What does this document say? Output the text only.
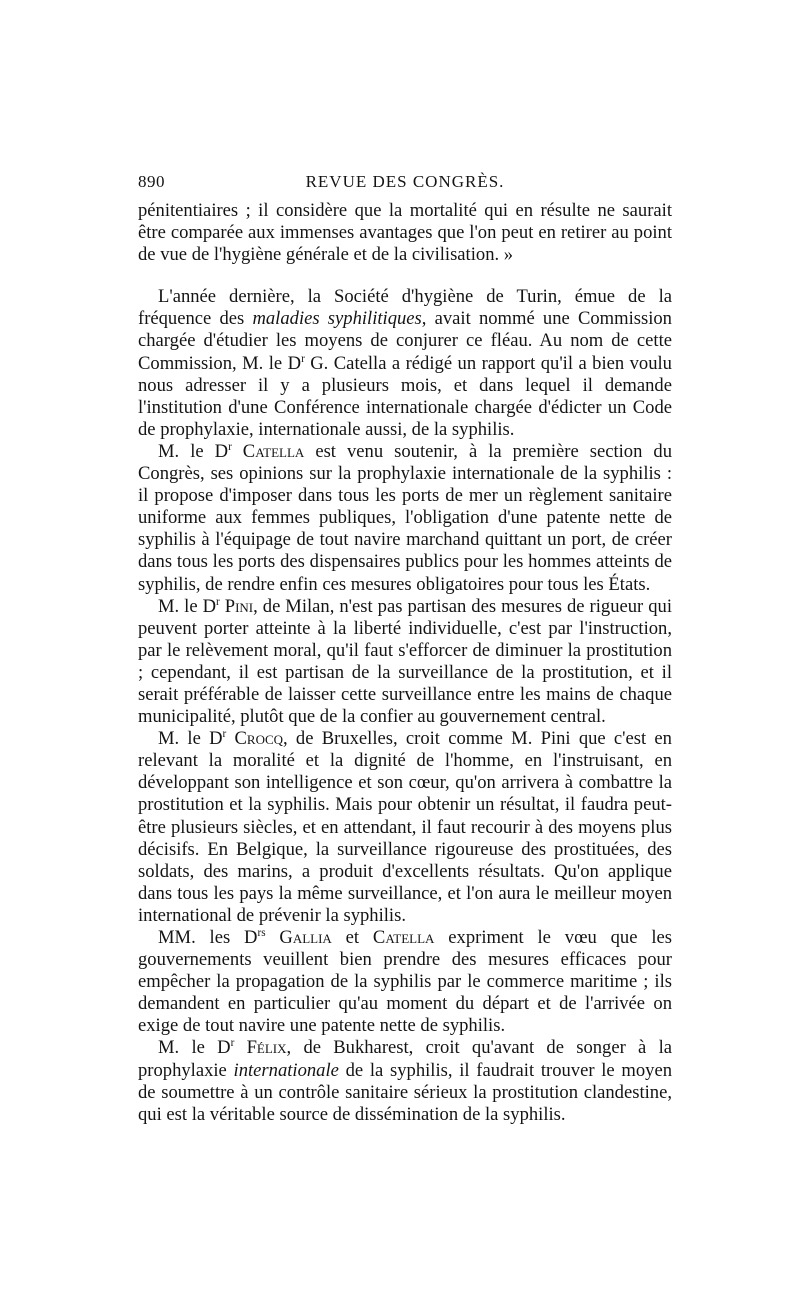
890	REVUE DES CONGRÈS.

pénitentiaires ; il considère que la mortalité qui en résulte ne saurait être comparée aux immenses avantages que l'on peut en retirer au point de vue de l'hygiène générale et de la civilisation. »

L'année dernière, la Société d'hygiène de Turin, émue de la fréquence des maladies syphilitiques, avait nommé une Commission chargée d'étudier les moyens de conjurer ce fléau. Au nom de cette Commission, M. le $D^r$ G. Catella a rédigé un rapport qu'il a bien voulu nous adresser il y a plusieurs mois, et dans lequel il demande l'institution d'une Conférence internationale chargée d'édicter un Code de prophylaxie, internationale aussi, de la syphilis.

M. le $D^r$ Catella est venu soutenir, à la première section du Congrès, ses opinions sur la prophylaxie internationale de la syphilis : il propose d'imposer dans tous les ports de mer un règlement sanitaire uniforme aux femmes publiques, l'obligation d'une patente nette de syphilis à l'équipage de tout navire marchand quittant un port, de créer dans tous les ports des dispensaires publics pour les hommes atteints de syphilis, de rendre enfin ces mesures obligatoires pour tous les États.

M. le $D^r$ Pini, de Milan, n'est pas partisan des mesures de rigueur qui peuvent porter atteinte à la liberté individuelle, c'est par l'instruction, par le relèvement moral, qu'il faut s'efforcer de diminuer la prostitution ; cependant, il est partisan de la surveillance de la prostitution, et il serait préférable de laisser cette surveillance entre les mains de chaque municipalité, plutôt que de la confier au gouvernement central.

M. le $D^r$ Crocq, de Bruxelles, croit comme M. Pini que c'est en relevant la moralité et la dignité de l'homme, en l'instruisant, en développant son intelligence et son cœur, qu'on arrivera à combattre la prostitution et la syphilis. Mais pour obtenir un résultat, il faudra peut-être plusieurs siècles, et en attendant, il faut recourir à des moyens plus décisifs. En Belgique, la surveillance rigoureuse des prostituées, des soldats, des marins, a produit d'excellents résultats. Qu'on applique dans tous les pays la même surveillance, et l'on aura le meilleur moyen international de prévenir la syphilis.

MM. les $D^{rs}$ Gallia et Catella expriment le vœu que les gouvernements veuillent bien prendre des mesures efficaces pour empêcher la propagation de la syphilis par le commerce maritime ; ils demandent en particulier qu'au moment du départ et de l'arrivée on exige de tout navire une patente nette de syphilis.

M. le $D^r$ Félix, de Bukharest, croit qu'avant de songer à la prophylaxie internationale de la syphilis, il faudrait trouver le moyen de soumettre à un contrôle sanitaire sérieux la prostitution clandestine, qui est la véritable source de dissémination de la syphilis.
